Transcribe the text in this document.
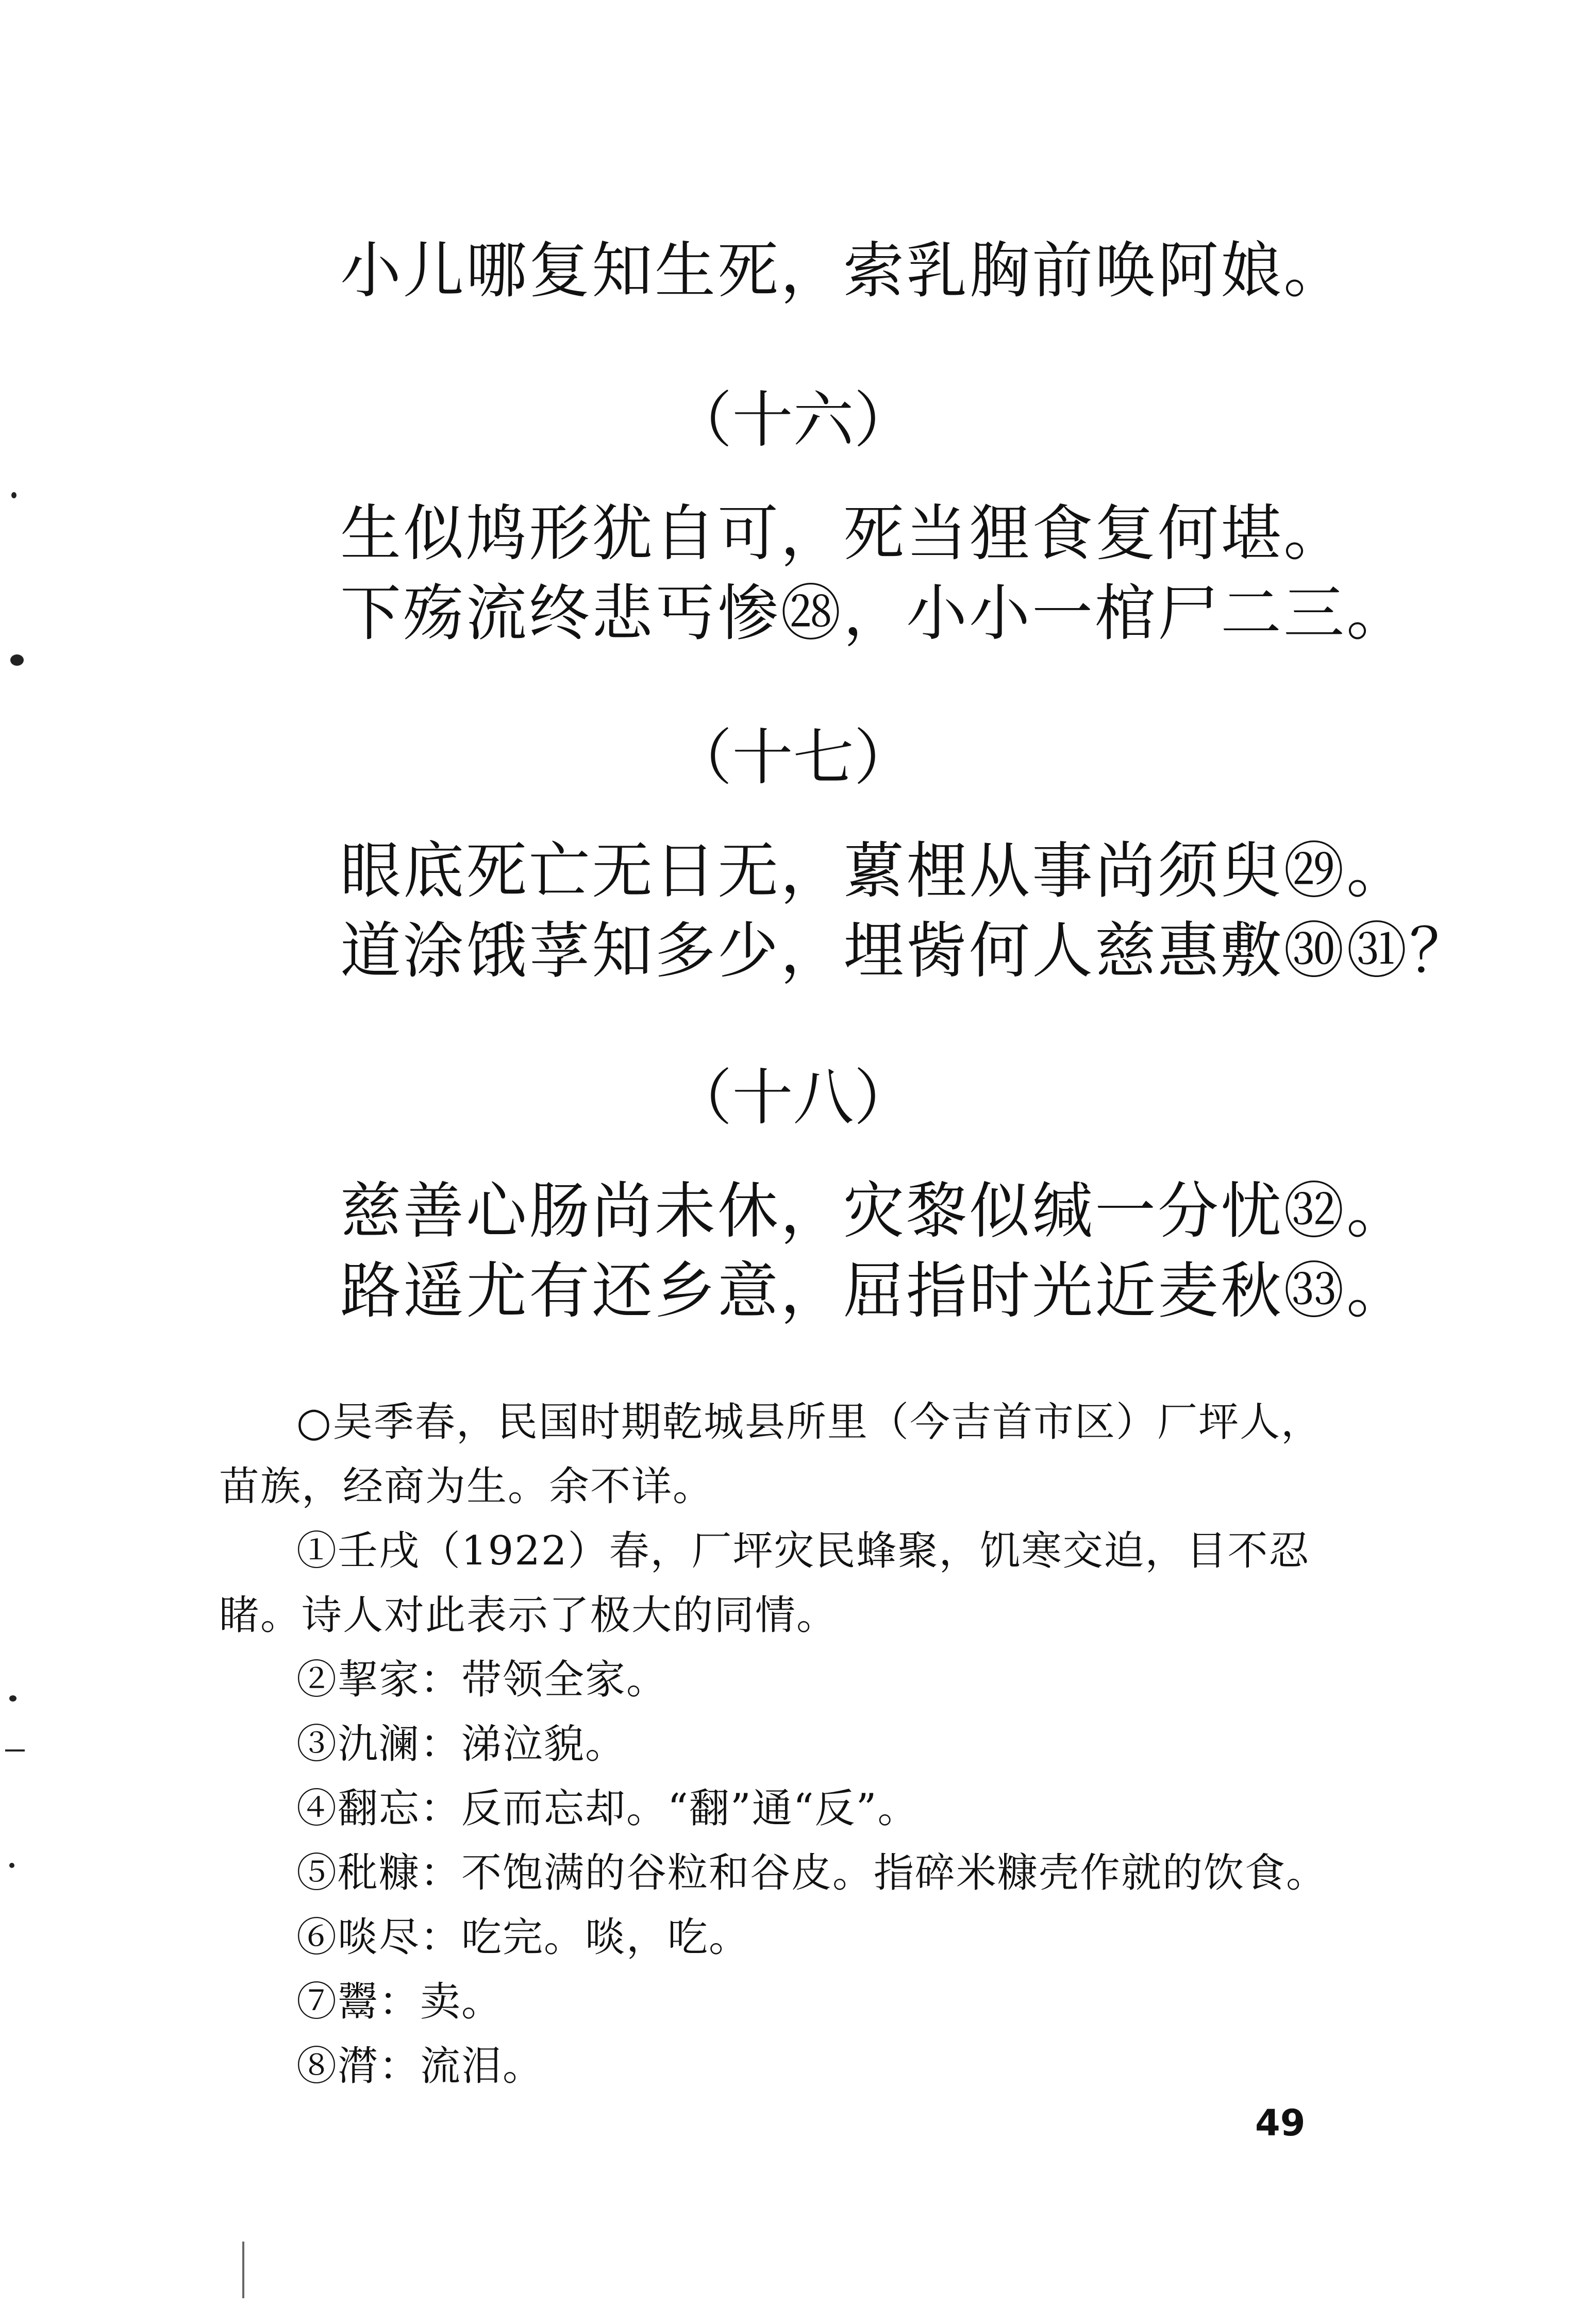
小儿哪复知生死，索乳胸前唤阿娘。
（十六）
生似鸠形犹自可，死当狸食复何堪。
下殇流终悲丐惨㉘，小小一棺尸二三。
（十七）
眼底死亡无日无，蔂梩从事尚须臾㉙。
道涂饿莩知多少，埋胔何人慈惠敷㉚㉛？
（十八）
慈善心肠尚未休，灾黎似缄一分忧㉜。
路遥尤有还乡意，屈指时光近麦秋㉝。
○吴季春，民国时期乾城县所里（今吉首市区）厂坪人，
苗族，经商为生。余不详。
①壬戌（1922）春，厂坪灾民蜂聚，饥寒交迫，目不忍
睹。诗人对此表示了极大的同情。
②挈家：带领全家。
③氿澜：涕泣貌。
④翻忘：反而忘却。“翻”通“反”。
⑤秕糠：不饱满的谷粒和谷皮。指碎米糠壳作就的饮食。
⑥啖尽：吃完。啖，吃。
⑦鬻：卖。
⑧潸：流泪。
49
